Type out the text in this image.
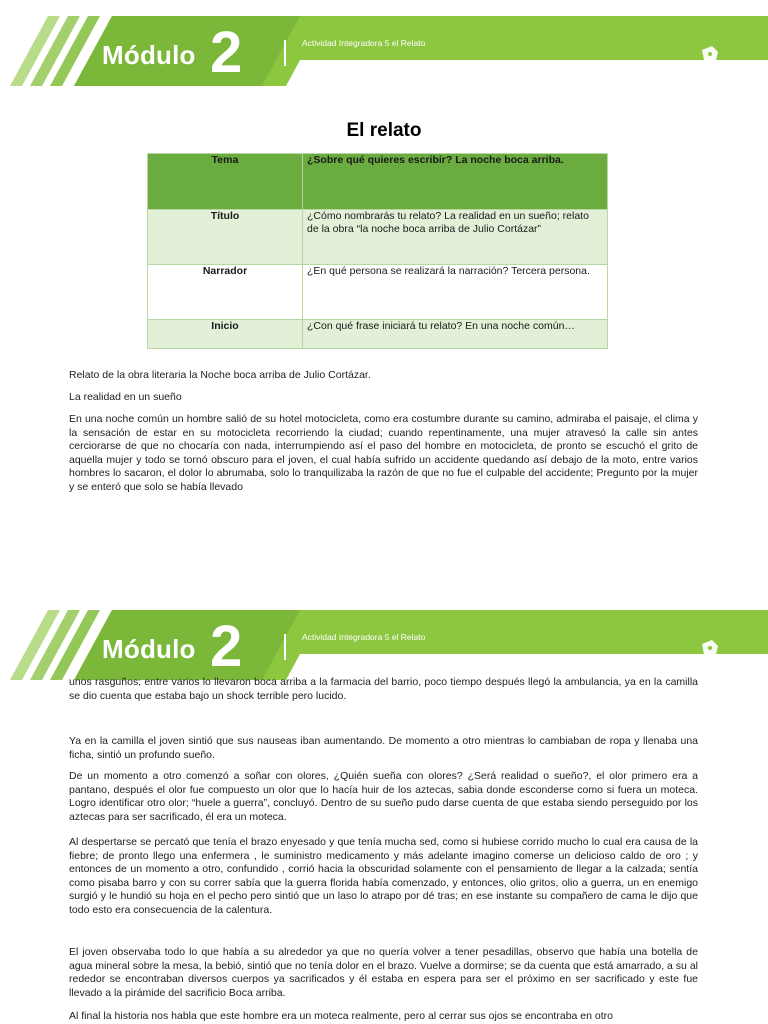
Módulo 2	Actividad Integradora 5 el Relato
El relato
Tema	¿Sobre qué quieres escribir? La noche boca arriba.
Título	¿Cómo nombrarás tu relato? La realidad en un sueño; relato de la obra “la noche boca arriba de Julio Cortázar”
Narrador	¿En qué persona se realizará la narración? Tercera persona.
Inicio	¿Con qué frase iniciará tu relato? En una noche común…

Relato de la obra literaria la Noche boca arriba de Julio Cortázar.

La realidad en un sueño

En una noche común un hombre salió de su hotel motocicleta, como era costumbre durante su camino, admiraba el paisaje, el clima y la sensación de estar en su motocicleta recorriendo la ciudad; cuando repentinamente, una mujer atravesó la calle sin antes cerciorarse de que no chocaría con nada, interrumpiendo así el paso del hombre en motocicleta, de pronto se escuchó el grito de aquella mujer y todo se tornó obscuro para el joven, el cual había sufrido un accidente quedando así debajo de la moto, entre varios hombres lo sacaron, el dolor lo abrumaba, solo lo tranquilizaba la razón de que no fue el culpable del accidente; Pregunto por la mujer y se enteró que solo se había llevado

Módulo 2	Actividad Integradora 5 el Relato

unos rasguños; entre varios lo llevaron boca arriba a la farmacia del barrio, poco tiempo después llegó la ambulancia, ya en la camilla se dio cuenta que estaba bajo un shock terrible pero lucido.

Ya en la camilla el joven sintió que sus nauseas iban aumentando. De momento a otro mientras lo cambiaban de ropa y llenaba una ficha, sintió un profundo sueño.

De un momento a otro comenzó a soñar con olores, ¿Quién sueña con olores? ¿Será realidad o sueño?, el olor primero era a pantano, después el olor fue compuesto un olor que lo hacía huir de los aztecas, sabia donde esconderse como si fuera un moteca. Logro identificar otro olor; “huele a guerra”, concluyó. Dentro de su sueño pudo darse cuenta de que estaba siendo perseguido por los aztecas para ser sacrificado, él era un moteca.

Al despertarse se percató que tenía el brazo enyesado y que tenía mucha sed, como si hubiese corrido mucho lo cual era causa de la fiebre; de pronto llego una enfermera , le suministro medicamento y más adelante imagino comerse un delicioso caldo de oro ; y entonces de un momento a otro, confundido , corrió hacia la obscuridad solamente con el pensamiento de llegar a la calzada; sentía como pisaba barro y con su correr sabía que la guerra florida había comenzado, y entonces, olio gritos, olio a guerra, un en enemigo surgió y le hundió su hoja en el pecho pero sintió que un laso lo atrapo por dé tras; en ese instante su compañero de cama le dijo que todo esto era consecuencia de la calentura.

El joven observaba todo lo que había a su alrededor ya que no quería volver a tener pesadillas, observo que había una botella de agua mineral sobre la mesa, la bebió, sintió que no tenía dolor en el brazo. Vuelve a dormirse; se da cuenta que está amarrado, a su al rededor se encontraban diversos cuerpos ya sacrificados y él estaba en espera para ser el próximo en ser sacrificado y este fue llevado a la pirámide del sacrificio Boca arriba.

Al final la historia nos habla que este hombre era un moteca realmente, pero al cerrar sus ojos se encontraba en otro
